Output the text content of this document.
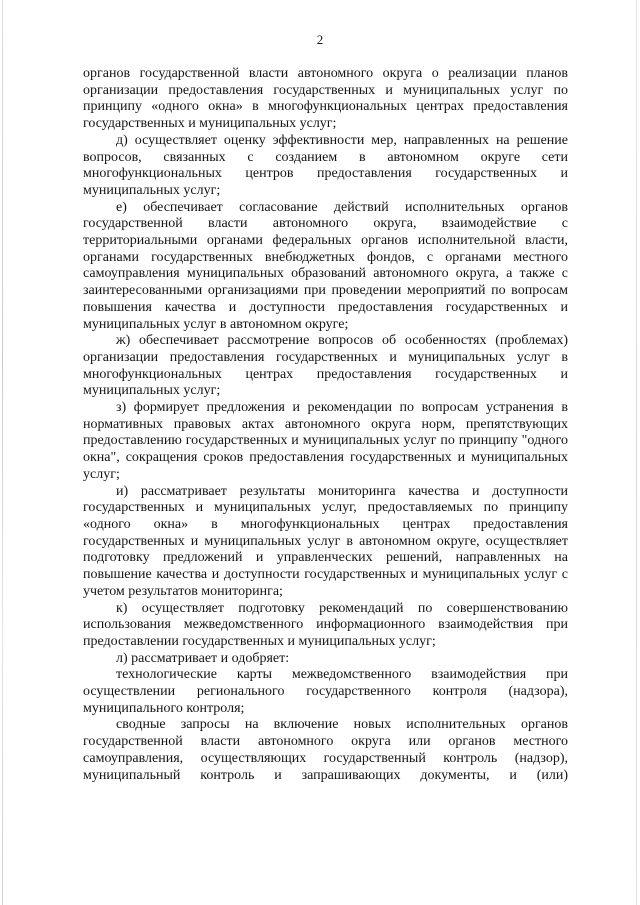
2

органов государственной власти автономного округа о реализации планов организации предоставления государственных и муниципальных услуг по принципу «одного окна» в многофункциональных центрах предоставления государственных и муниципальных услуг;

д) осуществляет оценку эффективности мер, направленных на решение вопросов, связанных с созданием в автономном округе сети многофункциональных центров предоставления государственных и муниципальных услуг;

е) обеспечивает согласование действий исполнительных органов государственной власти автономного округа, взаимодействие с территориальными органами федеральных органов исполнительной власти, органами государственных внебюджетных фондов, с органами местного самоуправления муниципальных образований автономного округа, а также с заинтересованными организациями при проведении мероприятий по вопросам повышения качества и доступности предоставления государственных и муниципальных услуг в автономном округе;

ж) обеспечивает рассмотрение вопросов об особенностях (проблемах) организации предоставления государственных и муниципальных услуг в многофункциональных центрах предоставления государственных и муниципальных услуг;

з) формирует предложения и рекомендации по вопросам устранения в нормативных правовых актах автономного округа норм, препятствующих предоставлению государственных и муниципальных услуг по принципу "одного окна", сокращения сроков предоставления государственных и муниципальных услуг;

и) рассматривает результаты мониторинга качества и доступности государственных и муниципальных услуг, предоставляемых по принципу «одного окна» в многофункциональных центрах предоставления государственных и муниципальных услуг в автономном округе, осуществляет подготовку предложений и управленческих решений, направленных на повышение качества и доступности государственных и муниципальных услуг с учетом результатов мониторинга;

к) осуществляет подготовку рекомендаций по совершенствованию использования межведомственного информационного взаимодействия при предоставлении государственных и муниципальных услуг;

л) рассматривает и одобряет:

технологические карты межведомственного взаимодействия при осуществлении регионального государственного контроля (надзора), муниципального контроля;

сводные запросы на включение новых исполнительных органов государственной власти автономного округа или органов местного самоуправления, осуществляющих государственный контроль (надзор), муниципальный контроль и запрашивающих документы, и (или)
